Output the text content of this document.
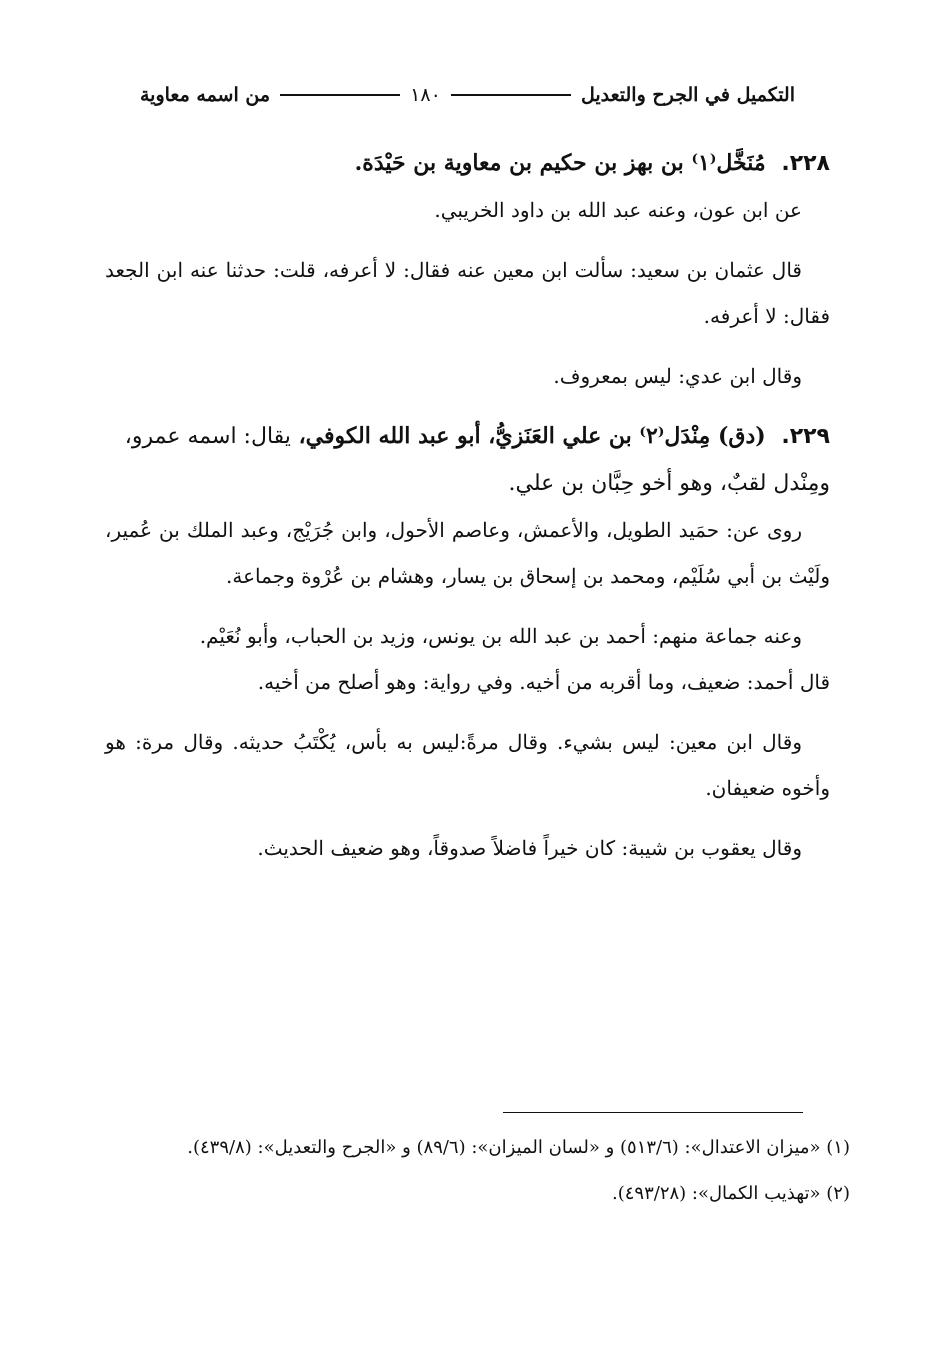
التكميل في الجرح والتعديل
١٨٠
من اسمه معاوية

٢٢٨. مُنَخَّل⁽١⁾ بن بهز بن حكيم بن معاوية بن حَيْدَة.

عن ابن عون، وعنه عبد الله بن داود الخريبي.

قال عثمان بن سعيد: سألت ابن معين عنه فقال: لا أعرفه، قلت: حدثنا عنه ابن الجعد فقال: لا أعرفه.

وقال ابن عدي: ليس بمعروف.

٢٢٩. (دق) مِنْدَل⁽٢⁾ بن علي العَنَزيُّ، أبو عبد الله الكوفي، يقال: اسمه عمرو، ومِنْدل لقبٌ، وهو أخو حِبَّان بن علي.

روى عن: حمَيد الطويل، والأعمش، وعاصم الأحول، وابن جُرَيْج، وعبد الملك بن عُمير، ولَيْث بن أبي سُلَيْم، ومحمد بن إسحاق بن يسار، وهشام بن عُرْوة وجماعة.

وعنه جماعة منهم: أحمد بن عبد الله بن يونس، وزيد بن الحباب، وأبو نُعَيْم.

قال أحمد: ضعيف، وما أقربه من أخيه. وفي رواية: وهو أصلح من أخيه.

وقال ابن معين: ليس بشيء. وقال مرةً:ليس به بأس، يُكْتَبُ حديثه. وقال مرة: هو وأخوه ضعيفان.

وقال يعقوب بن شيبة: كان خيراً فاضلاً صدوقاً، وهو ضعيف الحديث.

(١) «ميزان الاعتدال»: (٥١٣/٦) و «لسان الميزان»: (٨٩/٦) و «الجرح والتعديل»: (٤٣٩/٨).

(٢) «تهذيب الكمال»: (٤٩٣/٢٨).
